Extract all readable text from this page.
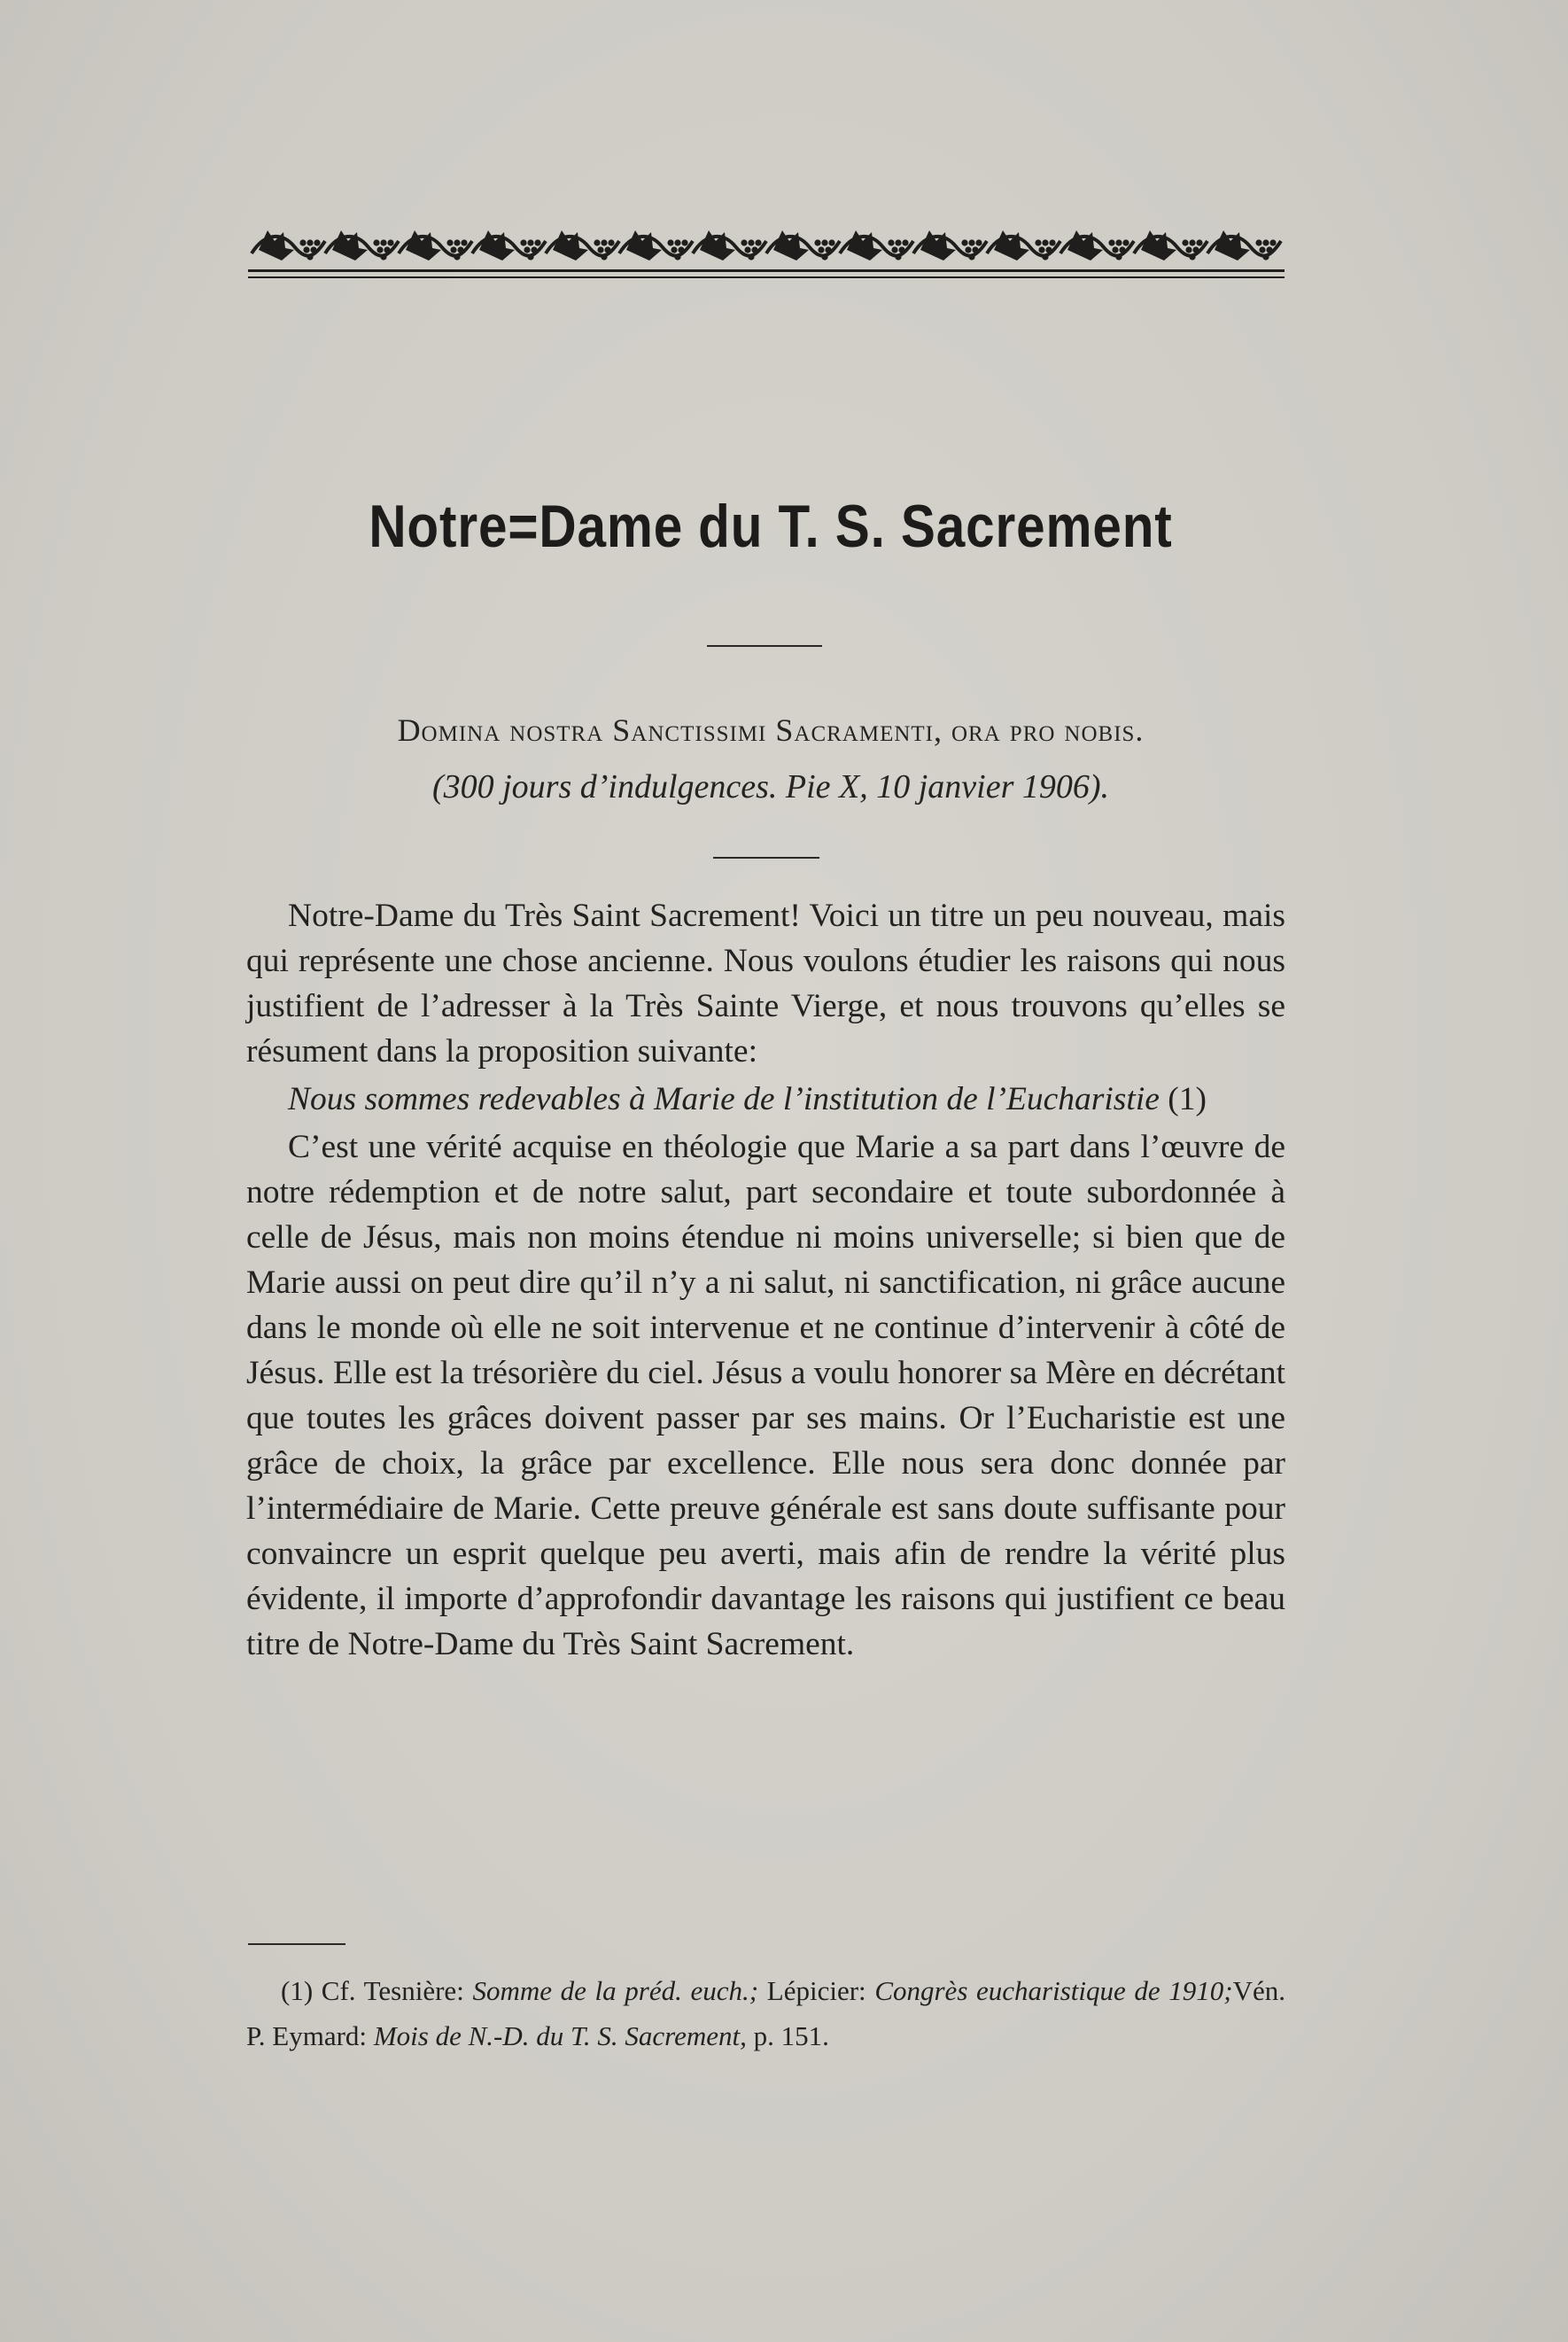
Notre=Dame du T. S. Sacrement
Domina nostra Sanctissimi Sacramenti, ora pro nobis.
(300 jours d’indulgences. Pie X, 10 janvier 1906).

Notre-Dame du Très Saint Sacrement! Voici un titre un peu nouveau, mais qui représente une chose ancienne. Nous voulons étudier les raisons qui nous justifient de l’adresser à la Très Sainte Vierge, et nous trouvons qu’elles se résument dans la proposition suivante:

Nous sommes redevables à Marie de l’institution de l’Eucharistie (1)

C’est une vérité acquise en théologie que Marie a sa part dans l’œuvre de notre rédemption et de notre salut, part secondaire et toute subordonnée à celle de Jésus, mais non moins étendue ni moins universelle; si bien que de Marie aussi on peut dire qu’il n’y a ni salut, ni sanctification, ni grâce aucune dans le monde où elle ne soit intervenue et ne continue d’intervenir à côté de Jésus. Elle est la trésorière du ciel. Jésus a voulu honorer sa Mère en décrétant que toutes les grâces doivent passer par ses mains. Or l’Eucharistie est une grâce de choix, la grâce par excellence. Elle nous sera donc donnée par l’intermédiaire de Marie. Cette preuve générale est sans doute suffisante pour convaincre un esprit quelque peu averti, mais afin de rendre la vérité plus évidente, il importe d’approfondir davantage les raisons qui justifient ce beau titre de Notre-Dame du Très Saint Sacrement.

(1) Cf. Tesnière: Somme de la préd. euch.; Lépicier: Congrès eucharistique de 1910;Vén. P. Eymard: Mois de N.-D. du T. S. Sacrement, p. 151.
